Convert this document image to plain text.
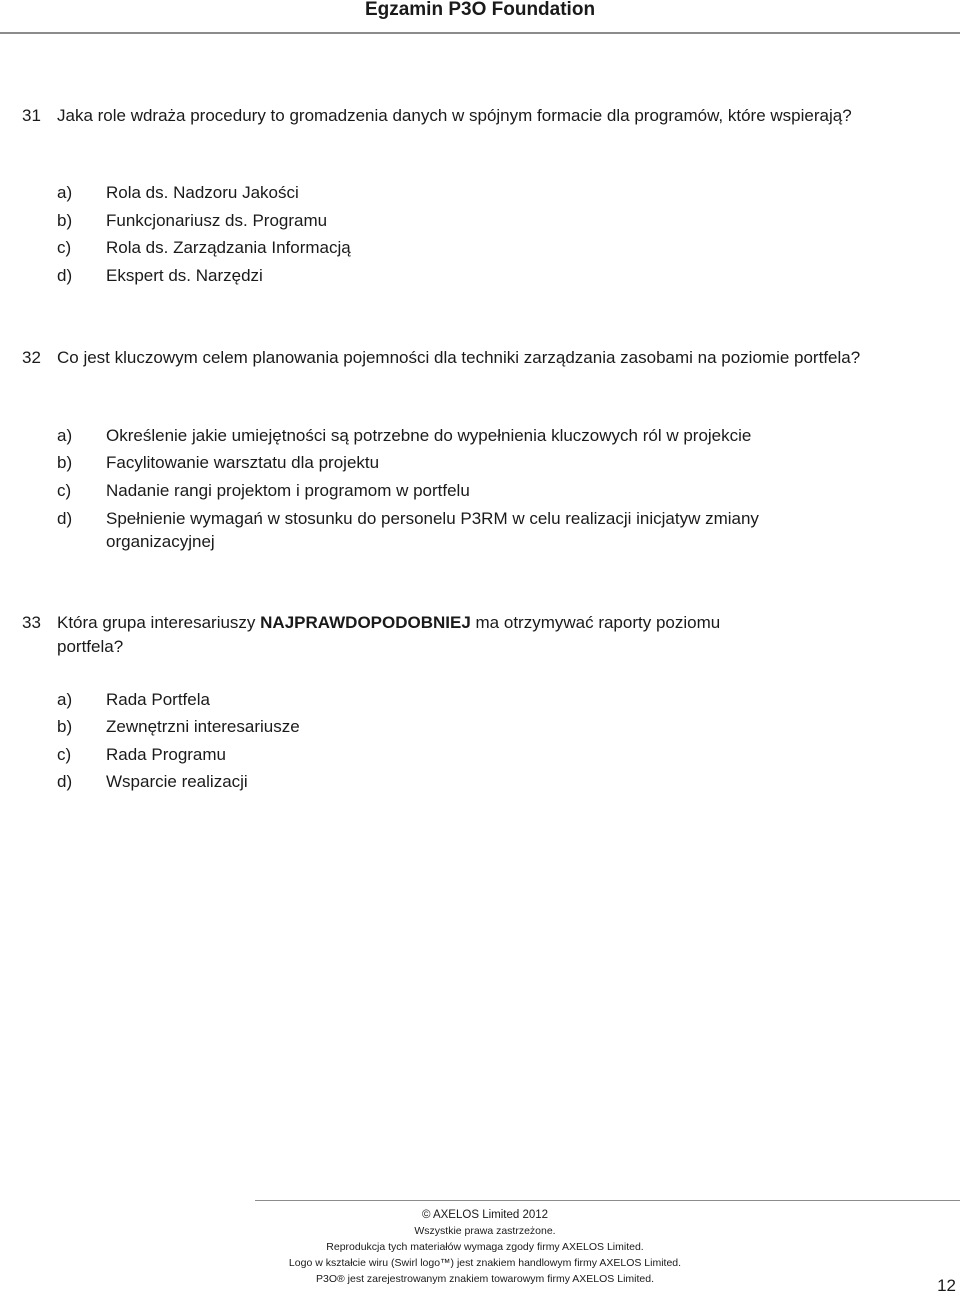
Egzamin P3O Foundation
31 Jaka role wdraża procedury to gromadzenia danych w spójnym formacie dla programów, które wspierają?
a)	Rola ds. Nadzoru Jakości
b)	Funkcjonariusz ds. Programu
c)	Rola ds. Zarządzania Informacją
d)	Ekspert ds. Narzędzi
32 Co jest kluczowym celem planowania pojemności dla techniki zarządzania zasobami na poziomie portfela?
a)	Określenie jakie umiejętności są potrzebne do wypełnienia kluczowych ról w projekcie
b)	Facylitowanie warsztatu dla projektu
c)	Nadanie rangi projektom i programom w portfelu
d)	Spełnienie wymagań w stosunku do personelu P3RM w celu realizacji inicjatyw zmiany organizacyjnej
33 Która grupa interesariuszy NAJPRAWDOPODOBNIEJ ma otrzymywać raporty poziomu portfela?
a)	Rada Portfela
b)	Zewnętrzni interesariusze
c)	Rada Programu
d)	Wsparcie realizacji
© AXELOS Limited 2012
Wszystkie prawa zastrzeżone.
Reprodukcja tych materiałów wymaga zgody firmy AXELOS Limited.
Logo w kształcie wiru (Swirl logo™) jest znakiem handlowym firmy AXELOS Limited.
P3O® jest zarejestrowanym znakiem towarowym firmy AXELOS Limited.	12
